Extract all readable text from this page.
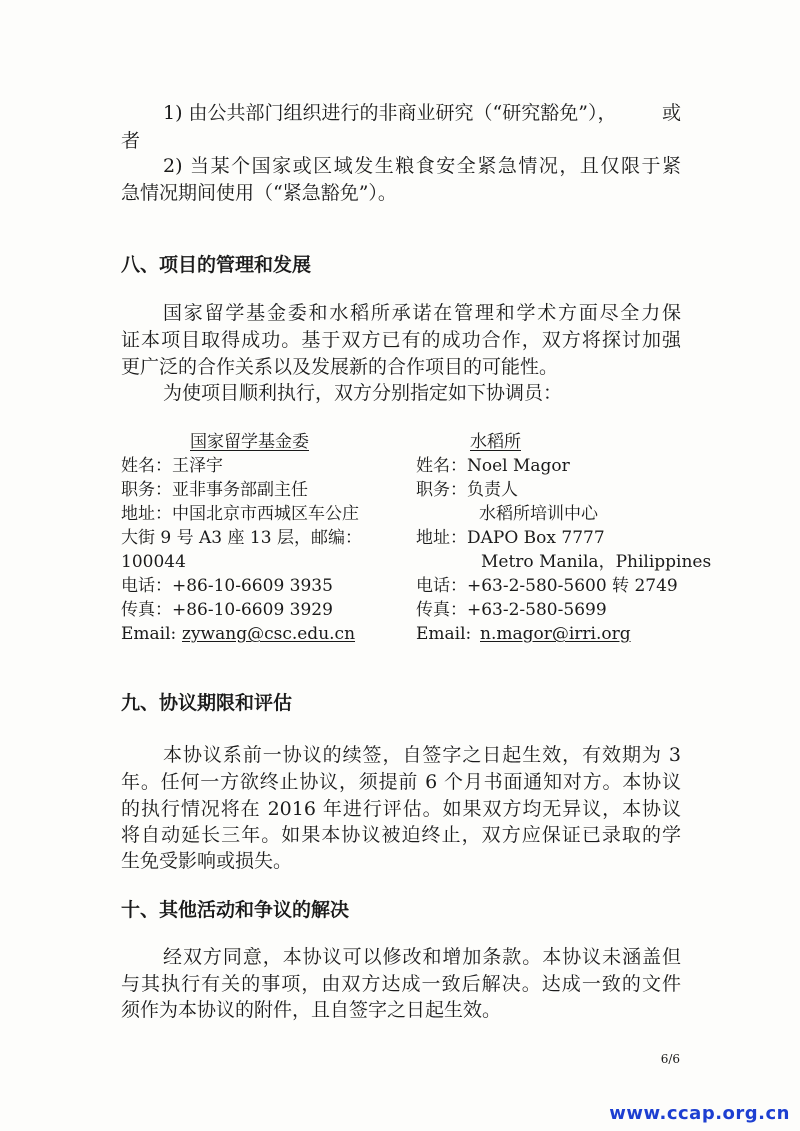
1) 由公共部门组织进行的非商业研究（“研究豁免”），	或
者
2) 当某个国家或区域发生粮食安全紧急情况，且仅限于紧
急情况期间使用（“紧急豁免”）。
八、项目的管理和发展
国家留学基金委和水稻所承诺在管理和学术方面尽全力保
证本项目取得成功。基于双方已有的成功合作，双方将探讨加强
更广泛的合作关系以及发展新的合作项目的可能性。
为使项目顺利执行，双方分别指定如下协调员：
国家留学基金委
姓名：王泽宇
职务：亚非事务部副主任
地址：中国北京市西城区车公庄
大街 9 号 A3 座 13 层，邮编：
100044
电话：+86-10-6609 3935
传真：+86-10-6609 3929
Email: zywang@csc.edu.cn
水稻所
姓名：Noel Magor
职务：负责人
水稻所培训中心
地址：DAPO Box 7777
Metro Manila，Philippines
电话：+63-2-580-5600 转 2749
传真：+63-2-580-5699
Email: n.magor@irri.org
九、协议期限和评估
本协议系前一协议的续签，自签字之日起生效，有效期为 3
年。任何一方欲终止协议，须提前 6 个月书面通知对方。本协议
的执行情况将在 2016 年进行评估。如果双方均无异议，本协议
将自动延长三年。如果本协议被迫终止，双方应保证已录取的学
生免受影响或损失。
十、其他活动和争议的解决
经双方同意，本协议可以修改和增加条款。本协议未涵盖但
与其执行有关的事项，由双方达成一致后解决。达成一致的文件
须作为本协议的附件，且自签字之日起生效。
6/6
www.ccap.org.cn
